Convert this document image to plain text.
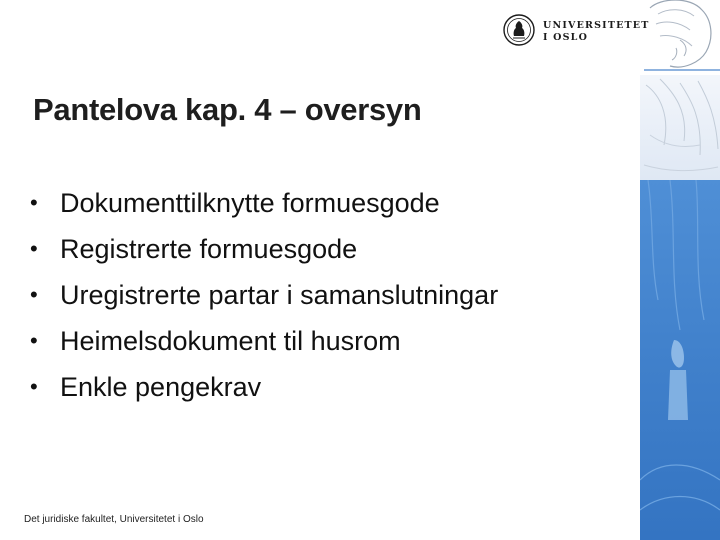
UNIVERSITETET
I OSLO
Pantelova kap. 4 – oversyn
• Dokumenttilknytte formuesgode
• Registrerte formuesgode
• Uregistrerte partar i samanslutningar
• Heimelsdokument til husrom
• Enkle pengekrav
Det juridiske fakultet, Universitetet i Oslo
